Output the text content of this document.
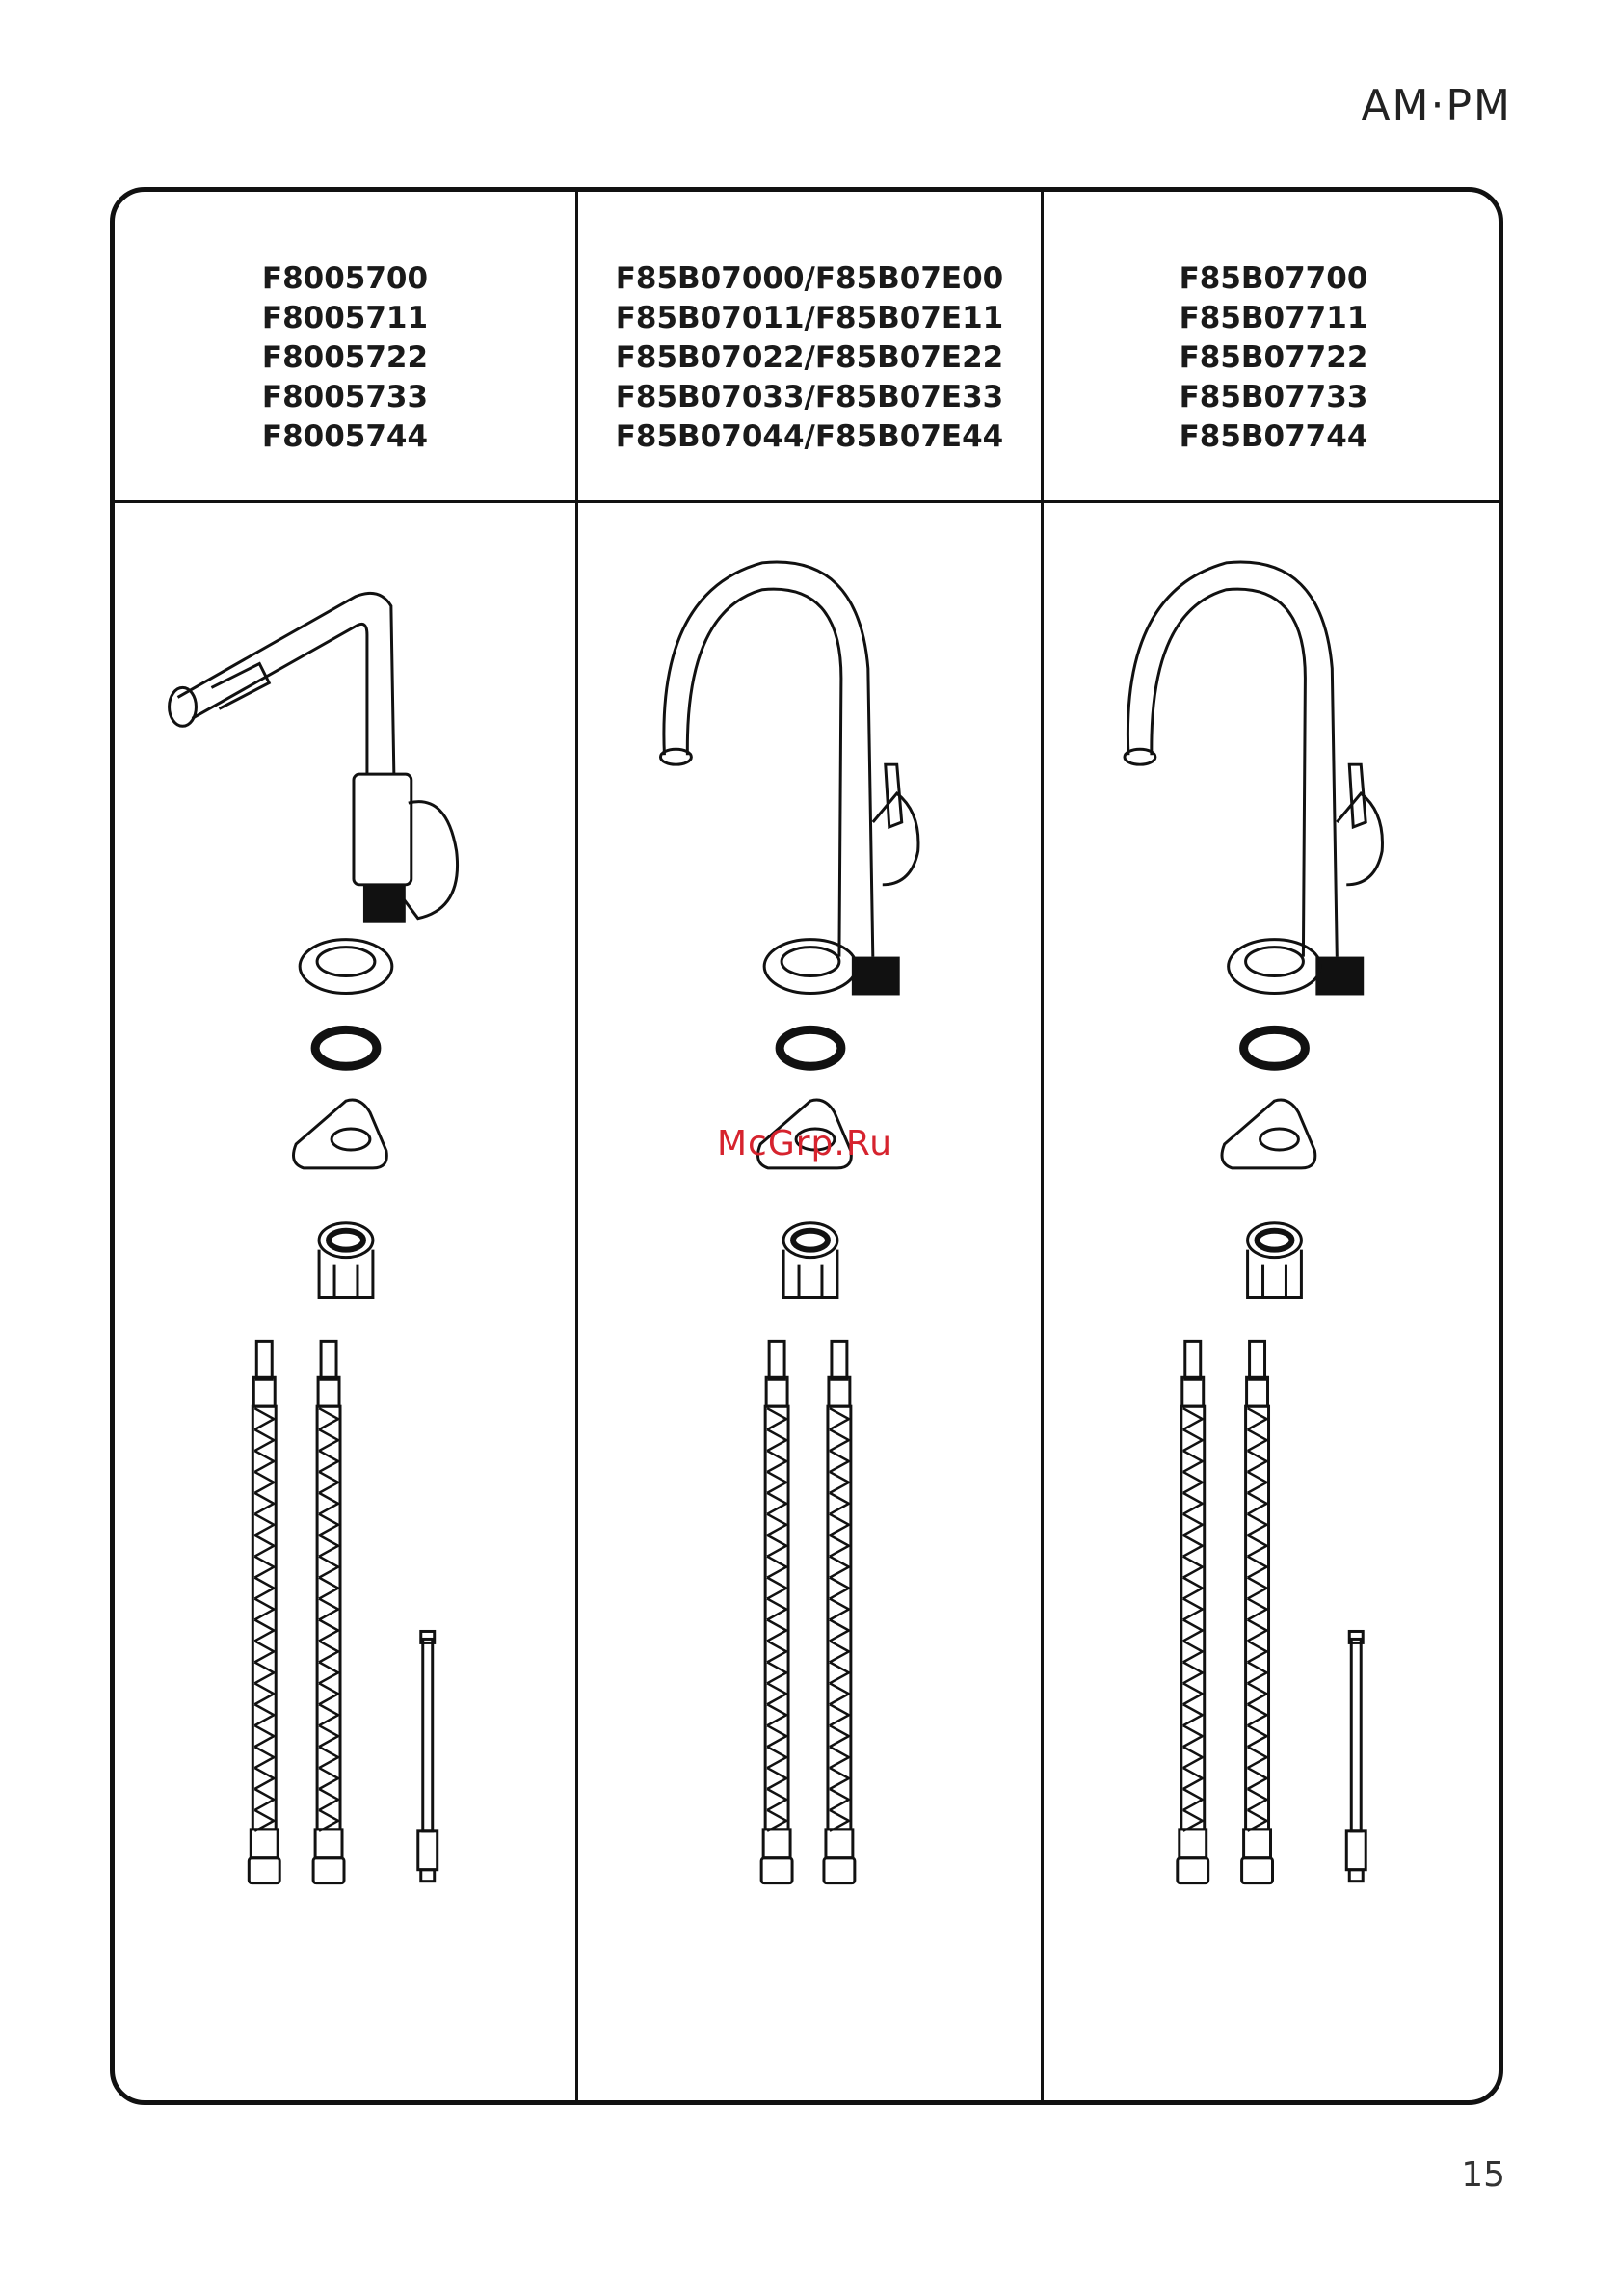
AM·PM
F8005700
F8005711
F8005722
F8005733
F8005744
F85B07000/F85B07E00
F85B07011/F85B07E11
F85B07022/F85B07E22
F85B07033/F85B07E33
F85B07044/F85B07E44
F85B07700
F85B07711
F85B07722
F85B07733
F85B07744
McGrp.Ru
15
